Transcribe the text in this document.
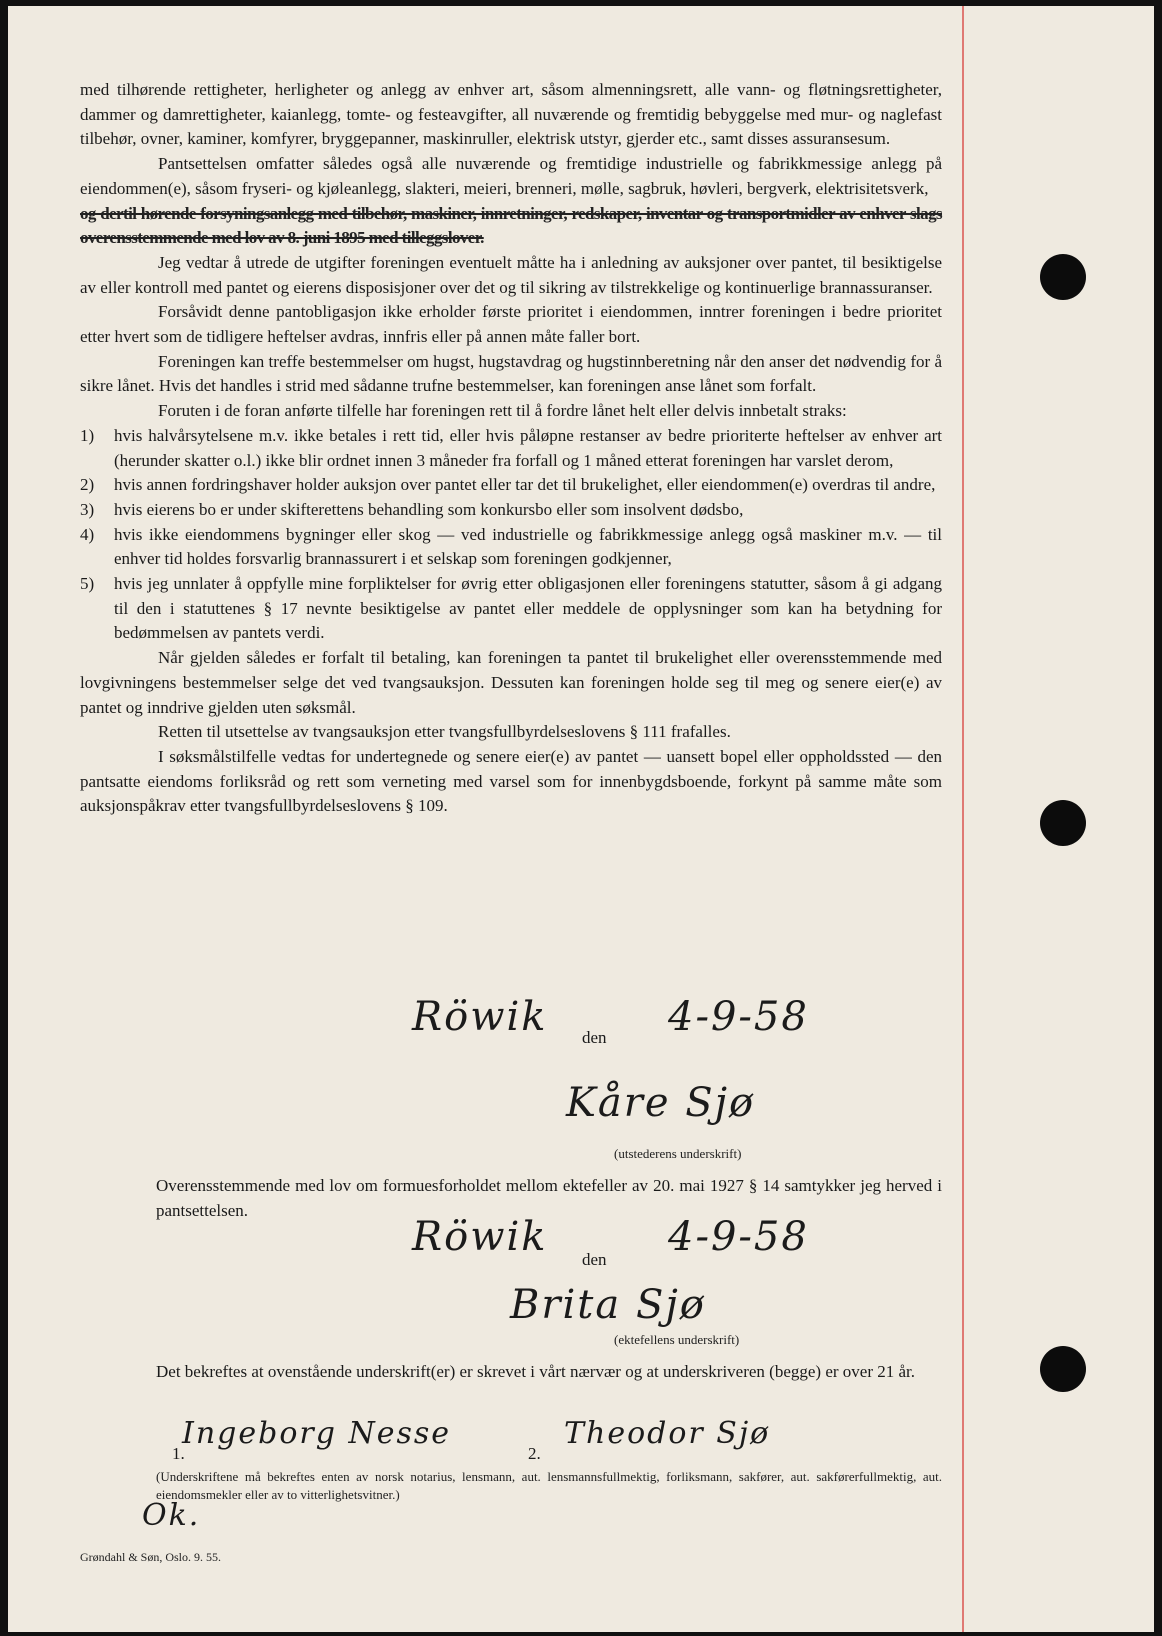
med tilhørende rettigheter, herligheter og anlegg av enhver art, såsom almenningsrett, alle vann- og fløtningsrettigheter, dammer og damrettigheter, kaianlegg, tomte- og festeavgifter, all nuværende og fremtidig bebyggelse med mur- og naglefast tilbehør, ovner, kaminer, komfyrer, bryggepanner, maskinruller, elektrisk utstyr, gjerder etc., samt disses assuransesum.

Pantsettelsen omfatter således også alle nuværende og fremtidige industrielle og fabrikkmessige anlegg på eiendommen(e), såsom fryseri- og kjøleanlegg, slakteri, meieri, brenneri, mølle, sagbruk, høvleri, bergverk, elektrisitetsverk,

og dertil hørende forsyningsanlegg med tilbehør, maskiner, innretninger, redskaper, inventar og transportmidler av enhver slags overensstemmende med lov av 8. juni 1895 med tilleggslover.

Jeg vedtar å utrede de utgifter foreningen eventuelt måtte ha i anledning av auksjoner over pantet, til besiktigelse av eller kontroll med pantet og eierens disposisjoner over det og til sikring av tilstrekkelige og kontinuerlige brannassuranser.

Forsåvidt denne pantobligasjon ikke erholder første prioritet i eiendommen, inntrer foreningen i bedre prioritet etter hvert som de tidligere heftelser avdras, innfris eller på annen måte faller bort.

Foreningen kan treffe bestemmelser om hugst, hugstavdrag og hugstinnberetning når den anser det nødvendig for å sikre lånet. Hvis det handles i strid med sådanne trufne bestemmelser, kan foreningen anse lånet som forfalt.

Foruten i de foran anførte tilfelle har foreningen rett til å fordre lånet helt eller delvis innbetalt straks:

1) hvis halvårsytelsene m.v. ikke betales i rett tid, eller hvis påløpne restanser av bedre prioriterte heftelser av enhver art (herunder skatter o.l.) ikke blir ordnet innen 3 måneder fra forfall og 1 måned etterat foreningen har varslet derom,
2) hvis annen fordringshaver holder auksjon over pantet eller tar det til brukelighet, eller eiendommen(e) overdras til andre,
3) hvis eierens bo er under skifterettens behandling som konkursbo eller som insolvent dødsbo,
4) hvis ikke eiendommens bygninger eller skog — ved industrielle og fabrikkmessige anlegg også maskiner m.v. — til enhver tid holdes forsvarlig brannassurert i et selskap som foreningen godkjenner,
5) hvis jeg unnlater å oppfylle mine forpliktelser for øvrig etter obligasjonen eller foreningens statutter, såsom å gi adgang til den i statuttenes § 17 nevnte besiktigelse av pantet eller meddele de opplysninger som kan ha betydning for bedømmelsen av pantets verdi.

Når gjelden således er forfalt til betaling, kan foreningen ta pantet til brukelighet eller overensstemmende med lovgivningens bestemmelser selge det ved tvangsauksjon. Dessuten kan foreningen holde seg til meg og senere eier(e) av pantet og inndrive gjelden uten søksmål.

Retten til utsettelse av tvangsauksjon etter tvangsfullbyrdelseslovens § 111 frafalles.

I søksmålstilfelle vedtas for undertegnede og senere eier(e) av pantet — uansett bopel eller oppholdssted — den pantsatte eiendoms forliksråd og rett som verneting med varsel som for innenbygdsboende, forkynt på samme måte som auksjonspåkrav etter tvangsfullbyrdelseslovens § 109.

Röwik den 4-9-58
Kåre Sjø
(utstederens underskrift)
Overensstemmende med lov om formuesforholdet mellom ektefeller av 20. mai 1927 § 14 samtykker jeg herved i pantsettelsen.
Röwik den 4-9-58
Brita Sjø
(ektefellens underskrift)
Det bekreftes at ovenstående underskrift(er) er skrevet i vårt nærvær og at underskriveren (begge) er over 21 år.
1.
Ingeborg Nesse
2.
Theodor Sjø
(Underskriftene må bekreftes enten av norsk notarius, lensmann, aut. lensmannsfullmektig, forliksmann, sakfører, aut. sakførerfullmektig, aut. eiendomsmekler eller av to vitterlighetsvitner.)
Ok.
Grøndahl & Søn, Oslo. 9. 55.
